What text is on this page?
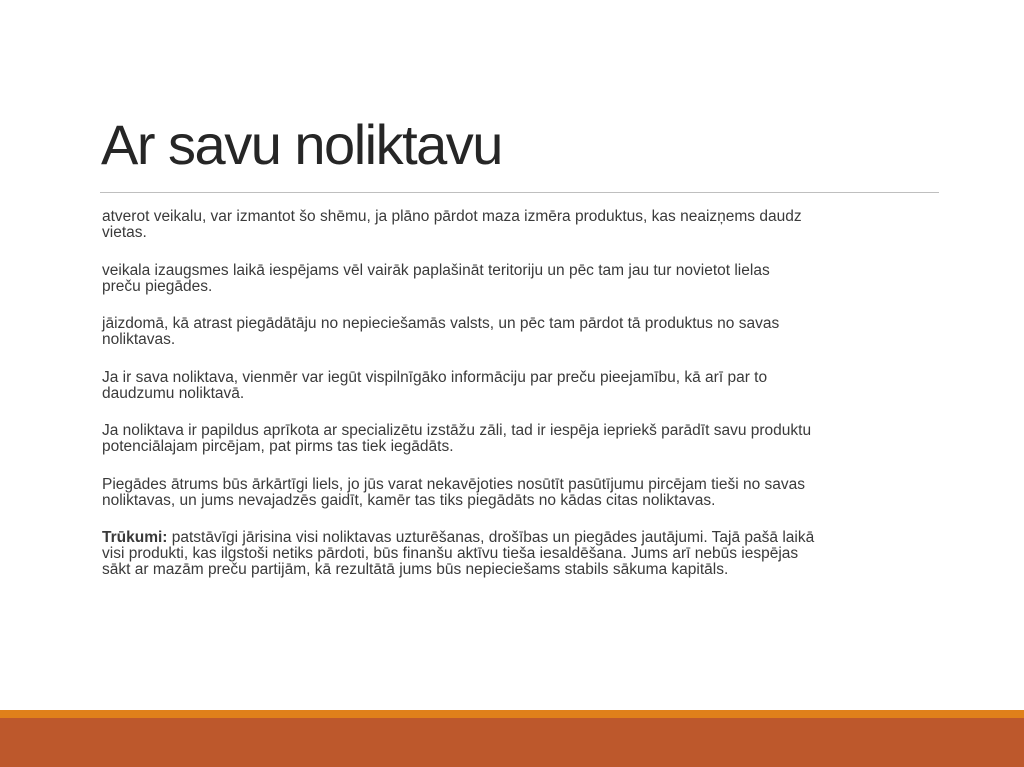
Ar savu noliktavu

atverot veikalu, var izmantot šo shēmu, ja plāno pārdot maza izmēra produktus, kas neaizņems daudz
vietas.

veikala izaugsmes laikā iespējams vēl vairāk paplašināt teritoriju un pēc tam jau tur novietot lielas
preču piegādes.

jāizdomā, kā atrast piegādātāju no nepieciešamās valsts, un pēc tam pārdot tā produktus no savas
noliktavas.

Ja ir sava noliktava, vienmēr var iegūt vispilnīgāko informāciju par preču pieejamību, kā arī par to
daudzumu noliktavā.

Ja noliktava ir papildus aprīkota ar specializētu izstāžu zāli, tad ir iespēja iepriekš parādīt savu produktu
potenciālajam pircējam, pat pirms tas tiek iegādāts.

Piegādes ātrums būs ārkārtīgi liels, jo jūs varat nekavējoties nosūtīt pasūtījumu pircējam tieši no savas
noliktavas, un jums nevajadzēs gaidīt, kamēr tas tiks piegādāts no kādas citas noliktavas.

Trūkumi: patstāvīgi jārisina visi noliktavas uzturēšanas, drošības un piegādes jautājumi. Tajā pašā laikā
visi produkti, kas ilgstoši netiks pārdoti, būs finanšu aktīvu tieša iesaldēšana. Jums arī nebūs iespējas
sākt ar mazām preču partijām, kā rezultātā jums būs nepieciešams stabils sākuma kapitāls.
